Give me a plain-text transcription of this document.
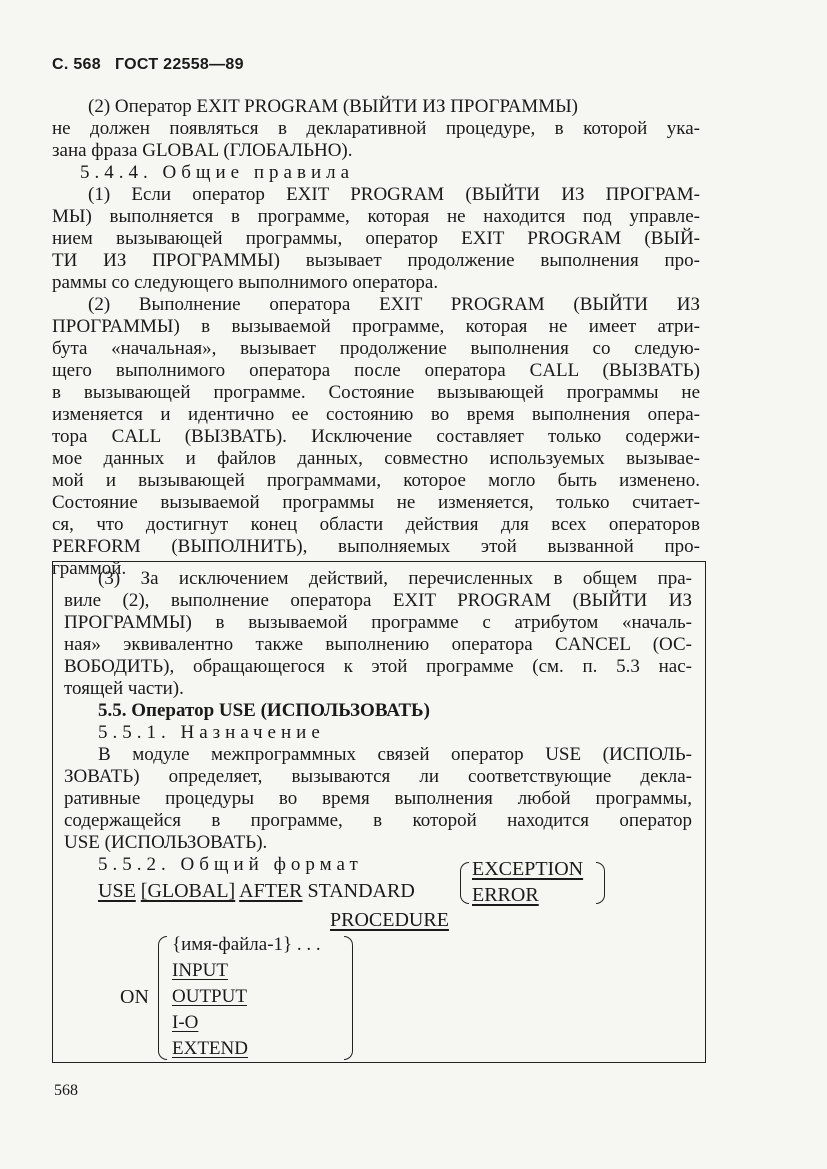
С. 568 ГОСТ 22558—89
(2) Оператор EXIT PROGRAM (ВЫЙТИ ИЗ ПРОГРАММЫ)
не должен появляться в декларативной процедуре, в которой ука-
зана фраза GLOBAL (ГЛОБАЛЬНО).
5.4.4. Общие правила
(1) Если оператор EXIT PROGRAM (ВЫЙТИ ИЗ ПРОГРАМ-
МЫ) выполняется в программе, которая не находится под управле-
нием вызывающей программы, оператор EXIT PROGRAM (ВЫЙ-
ТИ ИЗ ПРОГРАММЫ) вызывает продолжение выполнения про-
раммы со следующего выполнимого оператора.
(2) Выполнение оператора EXIT PROGRAM (ВЫЙТИ ИЗ
ПРОГРАММЫ) в вызываемой программе, которая не имеет атри-
бута «начальная», вызывает продолжение выполнения со следую-
щего выполнимого оператора после оператора CALL (ВЫЗВАТЬ)
в вызывающей программе. Состояние вызывающей программы не
изменяется и идентично ее состоянию во время выполнения опера-
тора CALL (ВЫЗВАТЬ). Исключение составляет только содержи-
мое данных и файлов данных, совместно используемых вызывае-
мой и вызывающей программами, которое могло быть изменено.
Состояние вызываемой программы не изменяется, только считает-
ся, что достигнут конец области действия для всех операторов
PERFORM (ВЫПОЛНИТЬ), выполняемых этой вызванной про-
граммой.
(3) За исключением действий, перечисленных в общем пра-
виле (2), выполнение оператора EXIT PROGRAM (ВЫЙТИ ИЗ
ПРОГРАММЫ) в вызываемой программе с атрибутом «началь-
ная» эквивалентно также выполнению оператора CANCEL (ОС-
ВОБОДИТЬ), обращающегося к этой программе (см. п. 5.3 нас-
тоящей части).
5.5. Оператор USE (ИСПОЛЬЗОВАТЬ)
5.5.1. Назначение
В модуле межпрограммных связей оператор USE (ИСПОЛЬ-
ЗОВАТЬ) определяет, вызываются ли соответствующие декла-
ративные процедуры во время выполнения любой программы,
содержащейся в программе, в которой находится оператор
USE (ИСПОЛЬЗОВАТЬ).
5.5.2. Общий формат
USE [GLOBAL] AFTER STANDARD
EXCEPTION
ERROR
PROCEDURE
ON
{имя-файла-1} . . .
INPUT
OUTPUT
I-O
EXTEND
568
